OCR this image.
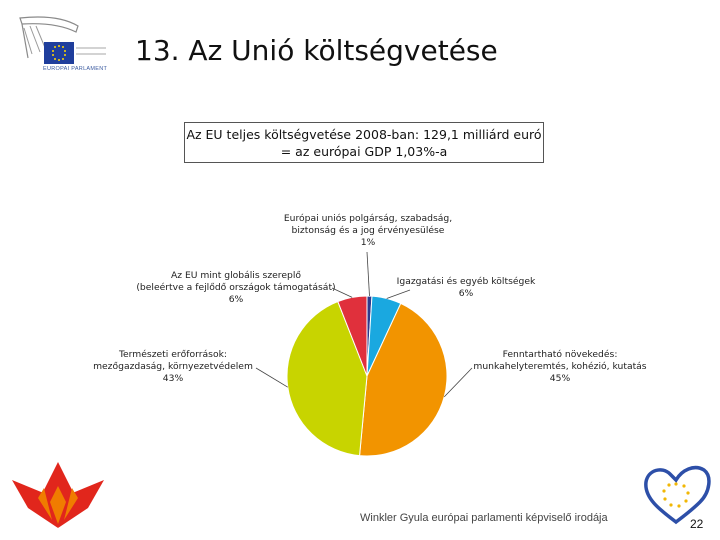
EUROPAI PARLAMENT
13. Az Unió költségvetése
Az EU teljes költségvetése 2008-ban: 129,1 milliárd euró
= az európai GDP 1,03%-a
Európai uniós polgárság, szabadság,
biztonság és a jog érvényesülése
1%
Igazgatási és egyéb költségek
6%
Fenntartható növekedés:
munkahelyteremtés, kohézió, kutatás
45%
Természeti erőforrások:
mezőgazdaság, környezetvédelem
43%
Az EU mint globális szereplő
(beleértve a fejlődő országok támogatását)
6%
Winkler Gyula európai parlamenti képviselő irodája	22
